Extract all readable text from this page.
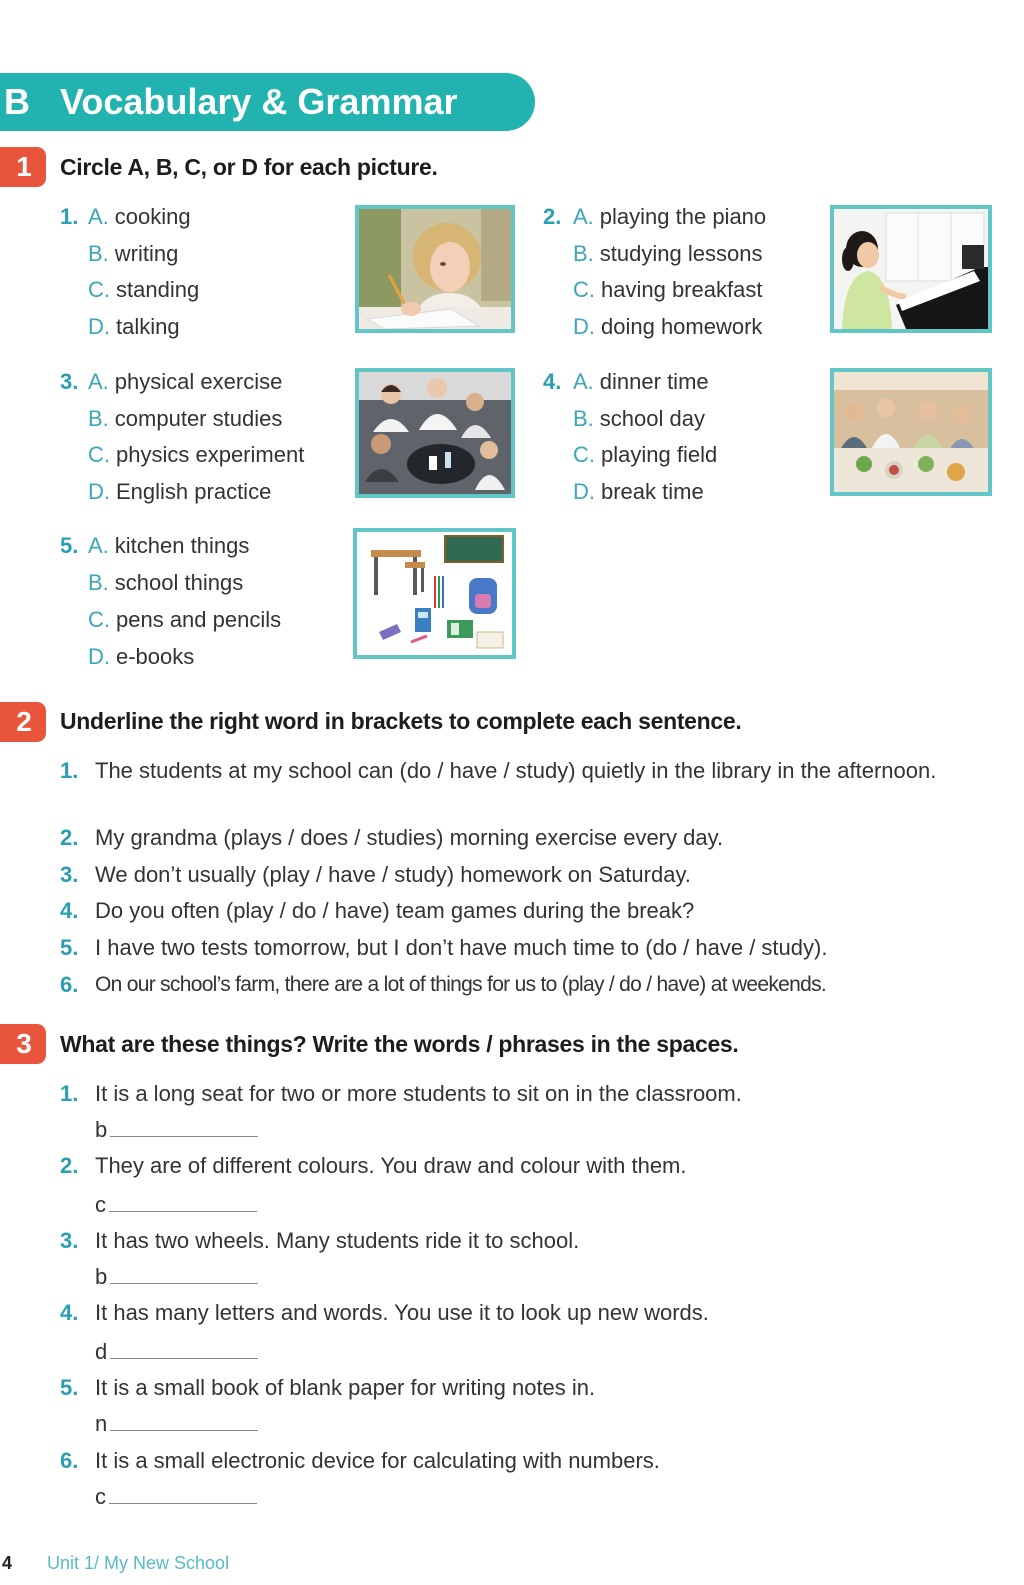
B Vocabulary & Grammar
1	Circle A, B, C, or D for each picture.
1. A. cooking
B. writing
C. standing
D. talking
2. A. playing the piano
B. studying lessons
C. having breakfast
D. doing homework
3. A. physical exercise
B. computer studies
C. physics experiment
D. English practice
4. A. dinner time
B. school day
C. playing field
D. break time
5. A. kitchen things
B. school things
C. pens and pencils
D. e-books
2	Underline the right word in brackets to complete each sentence.
1. The students at my school can (do / have / study) quietly in the library in the afternoon.
2. My grandma (plays / does / studies) morning exercise every day.
3. We don’t usually (play / have / study) homework on Saturday.
4. Do you often (play / do / have) team games during the break?
5. I have two tests tomorrow, but I don’t have much time to (do / have / study).
6. On our school’s farm, there are a lot of things for us to (play / do / have) at weekends.
3	What are these things? Write the words / phrases in the spaces.
1. It is a long seat for two or more students to sit on in the classroom.
b
2. They are of different colours. You draw and colour with them.
c
3. It has two wheels. Many students ride it to school.
b
4. It has many letters and words. You use it to look up new words.
d
5. It is a small book of blank paper for writing notes in.
n
6. It is a small electronic device for calculating with numbers.
c
4 Unit 1/ My New School
